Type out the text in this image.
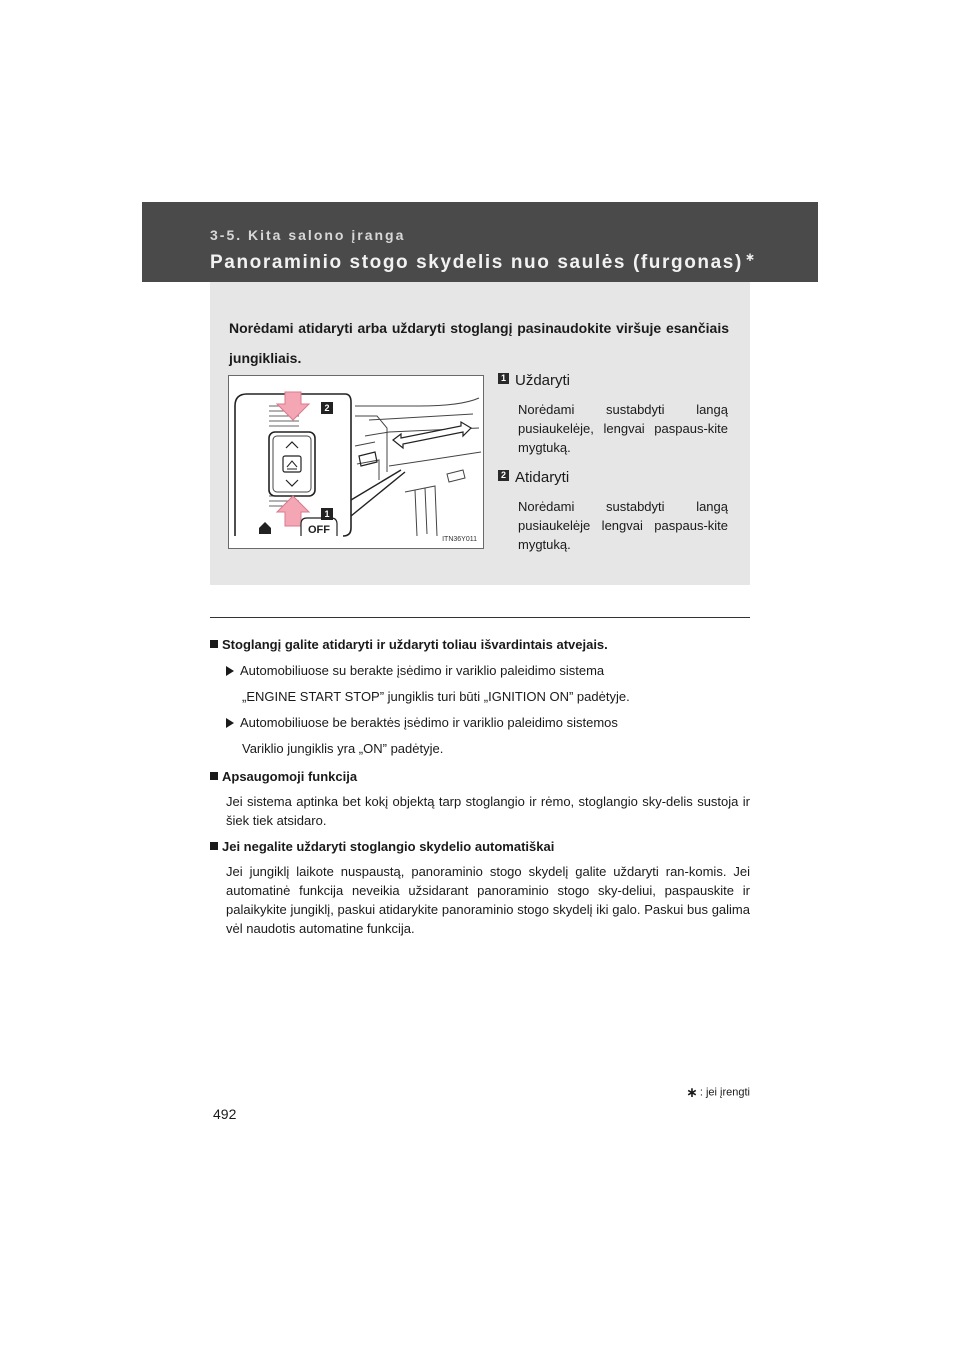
3-5. Kita salono įranga
Panoraminio stogo skydelis nuo saulės (furgonas) ∗
Norėdami atidaryti arba uždaryti stoglangį pasinaudokite viršuje esančiais jungikliais.
OFF
2
1
ITN36Y011
1 Uždaryti
Norėdami sustabdyti langą pusiaukelėje, lengvai paspaus-kite mygtuką.
2 Atidaryti
Norėdami sustabdyti langą pusiaukelėje lengvai paspaus-kite mygtuką.

Stoglangį galite atidaryti ir uždaryti toliau išvardintais atvejais.

Automobiliuose su berakte įsėdimo ir variklio paleidimo sistema
„ENGINE START STOP” jungiklis turi būti „IGNITION ON” padėtyje.
Automobiliuose be beraktės įsėdimo ir variklio paleidimo sistemos
Variklio jungiklis yra „ON” padėtyje.

Apsaugomoji funkcija

Jei sistema aptinka bet kokį objektą tarp stoglangio ir rėmo, stoglangio sky-delis sustoja ir šiek tiek atsidaro.

Jei negalite uždaryti stoglangio skydelio automatiškai

Jei jungiklį laikote nuspaustą, panoraminio stogo skydelį galite uždaryti ran-komis. Jei automatinė funkcija neveikia užsidarant panoraminio stogo sky-deliui, paspauskite ir palaikykite jungiklį, paskui atidarykite panoraminio stogo skydelį iki galo. Paskui bus galima vėl naudotis automatine funkcija.

∗ : jei įrengti
492
